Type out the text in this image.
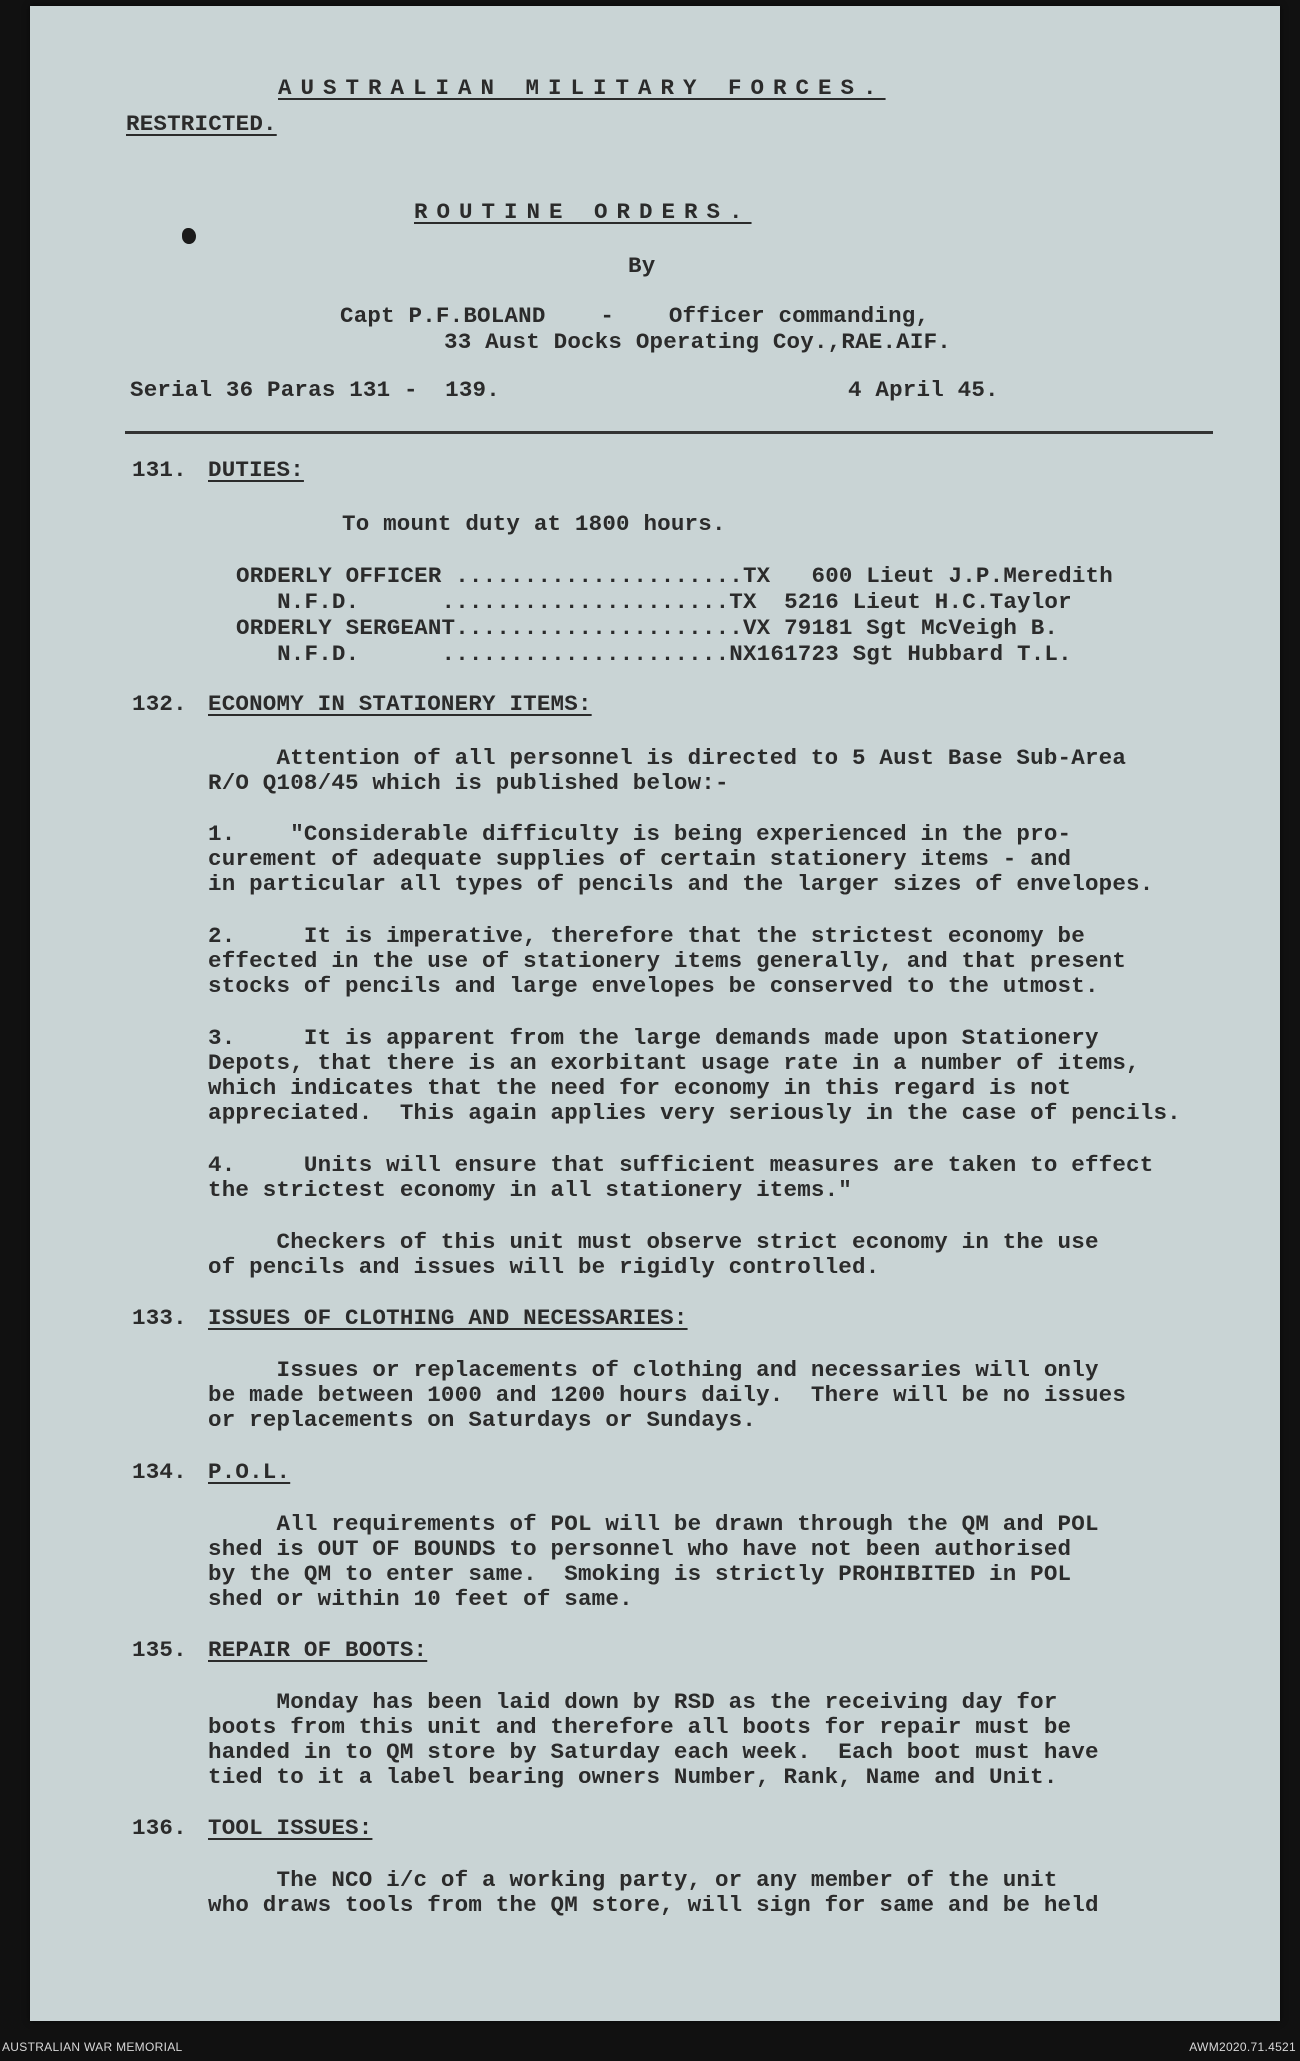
AUSTRALIAN MILITARY FORCES.
RESTRICTED.
ROUTINE ORDERS.
By
Capt P.F.BOLAND    -    Officer commanding,
33 Aust Docks Operating Coy.,RAE.AIF.
Serial 36 Paras 131 -  139.	4 April 45.
131. DUTIES:
To mount duty at 1800 hours.
ORDERLY OFFICER .....................TX   600 Lieut J.P.Meredith
N.F.D.      .....................TX  5216 Lieut H.C.Taylor
ORDERLY SERGEANT.....................VX 79181 Sgt McVeigh B.
N.F.D.      .....................NX161723 Sgt Hubbard T.L.
132. ECONOMY IN STATIONERY ITEMS:
Attention of all personnel is directed to 5 Aust Base Sub-Area
R/O Q108/45 which is published below:-
1.    "Considerable difficulty is being experienced in the pro-
curement of adequate supplies of certain stationery items - and
in particular all types of pencils and the larger sizes of envelopes.
2.     It is imperative, therefore that the strictest economy be
effected in the use of stationery items generally, and that present
stocks of pencils and large envelopes be conserved to the utmost.
3.     It is apparent from the large demands made upon Stationery
Depots, that there is an exorbitant usage rate in a number of items,
which indicates that the need for economy in this regard is not
appreciated.  This again applies very seriously in the case of pencils.
4.     Units will ensure that sufficient measures are taken to effect
the strictest economy in all stationery items."
Checkers of this unit must observe strict economy in the use
of pencils and issues will be rigidly controlled.
133. ISSUES OF CLOTHING AND NECESSARIES:
Issues or replacements of clothing and necessaries will only
be made between 1000 and 1200 hours daily.  There will be no issues
or replacements on Saturdays or Sundays.
134. P.O.L.
All requirements of POL will be drawn through the QM and POL
shed is OUT OF BOUNDS to personnel who have not been authorised
by the QM to enter same.  Smoking is strictly PROHIBITED in POL
shed or within 10 feet of same.
135. REPAIR OF BOOTS:
Monday has been laid down by RSD as the receiving day for
boots from this unit and therefore all boots for repair must be
handed in to QM store by Saturday each week.  Each boot must have
tied to it a label bearing owners Number, Rank, Name and Unit.
136. TOOL ISSUES:
The NCO i/c of a working party, or any member of the unit
who draws tools from the QM store, will sign for same and be held
AUSTRALIAN WAR MEMORIAL	AWM2020.71.4521
